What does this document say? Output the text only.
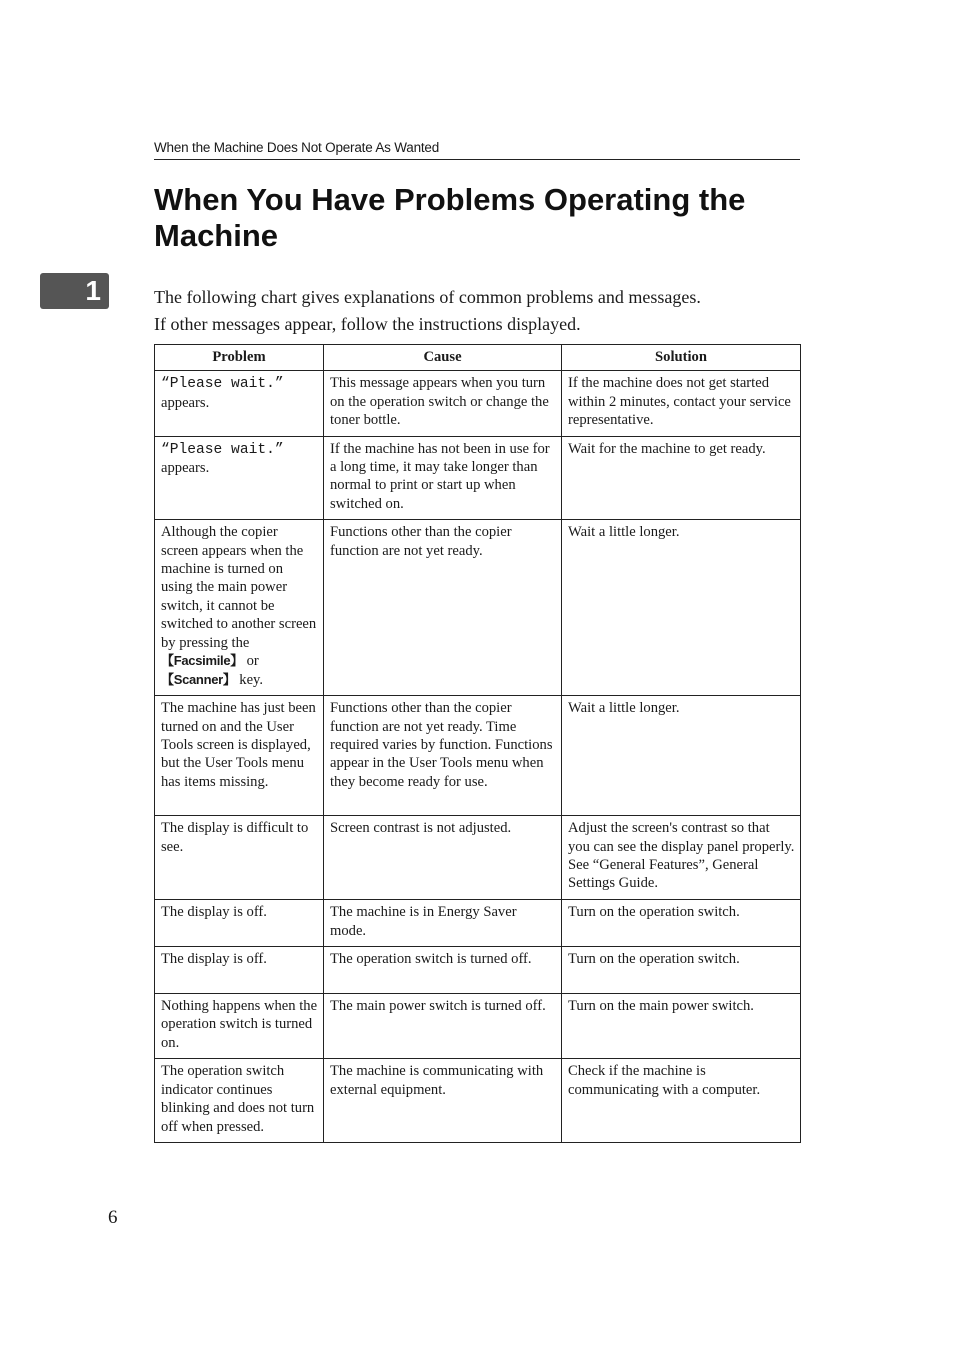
When the Machine Does Not Operate As Wanted
When You Have Problems Operating the Machine
1	The following chart gives explanations of common problems and messages.
If other messages appear, follow the instructions displayed.

Problem	Cause	Solution
“Please wait.”
appears.	This message appears when you turn on the operation switch or change the toner bottle.	If the machine does not get started within 2 minutes, contact your service representative.
“Please wait.”
appears.	If the machine has not been in use for a long time, it may take longer than normal to print or start up when switched on.	Wait for the machine to get ready.
Although the copier screen appears when the machine is turned on using the main power switch, it cannot be switched to another screen by pressing the 【Facsimile】 or 【Scanner】 key.	Functions other than the copier function are not yet ready.	Wait a little longer.
The machine has just been turned on and the User Tools screen is displayed, but the User Tools menu has items missing.	Functions other than the copier function are not yet ready. Time required varies by function. Functions appear in the User Tools menu when they become ready for use.	Wait a little longer.
The display is difficult to see.	Screen contrast is not adjusted.	Adjust the screen's contrast so that you can see the display panel properly. See “General Features”, General Settings Guide.
The display is off.	The machine is in Energy Saver mode.	Turn on the operation switch.
The display is off.	The operation switch is turned off.	Turn on the operation switch.
Nothing happens when the operation switch is turned on.	The main power switch is turned off.	Turn on the main power switch.
The operation switch indicator continues blinking and does not turn off when pressed.	The machine is communicating with external equipment.	Check if the machine is communicating with a computer.
6
